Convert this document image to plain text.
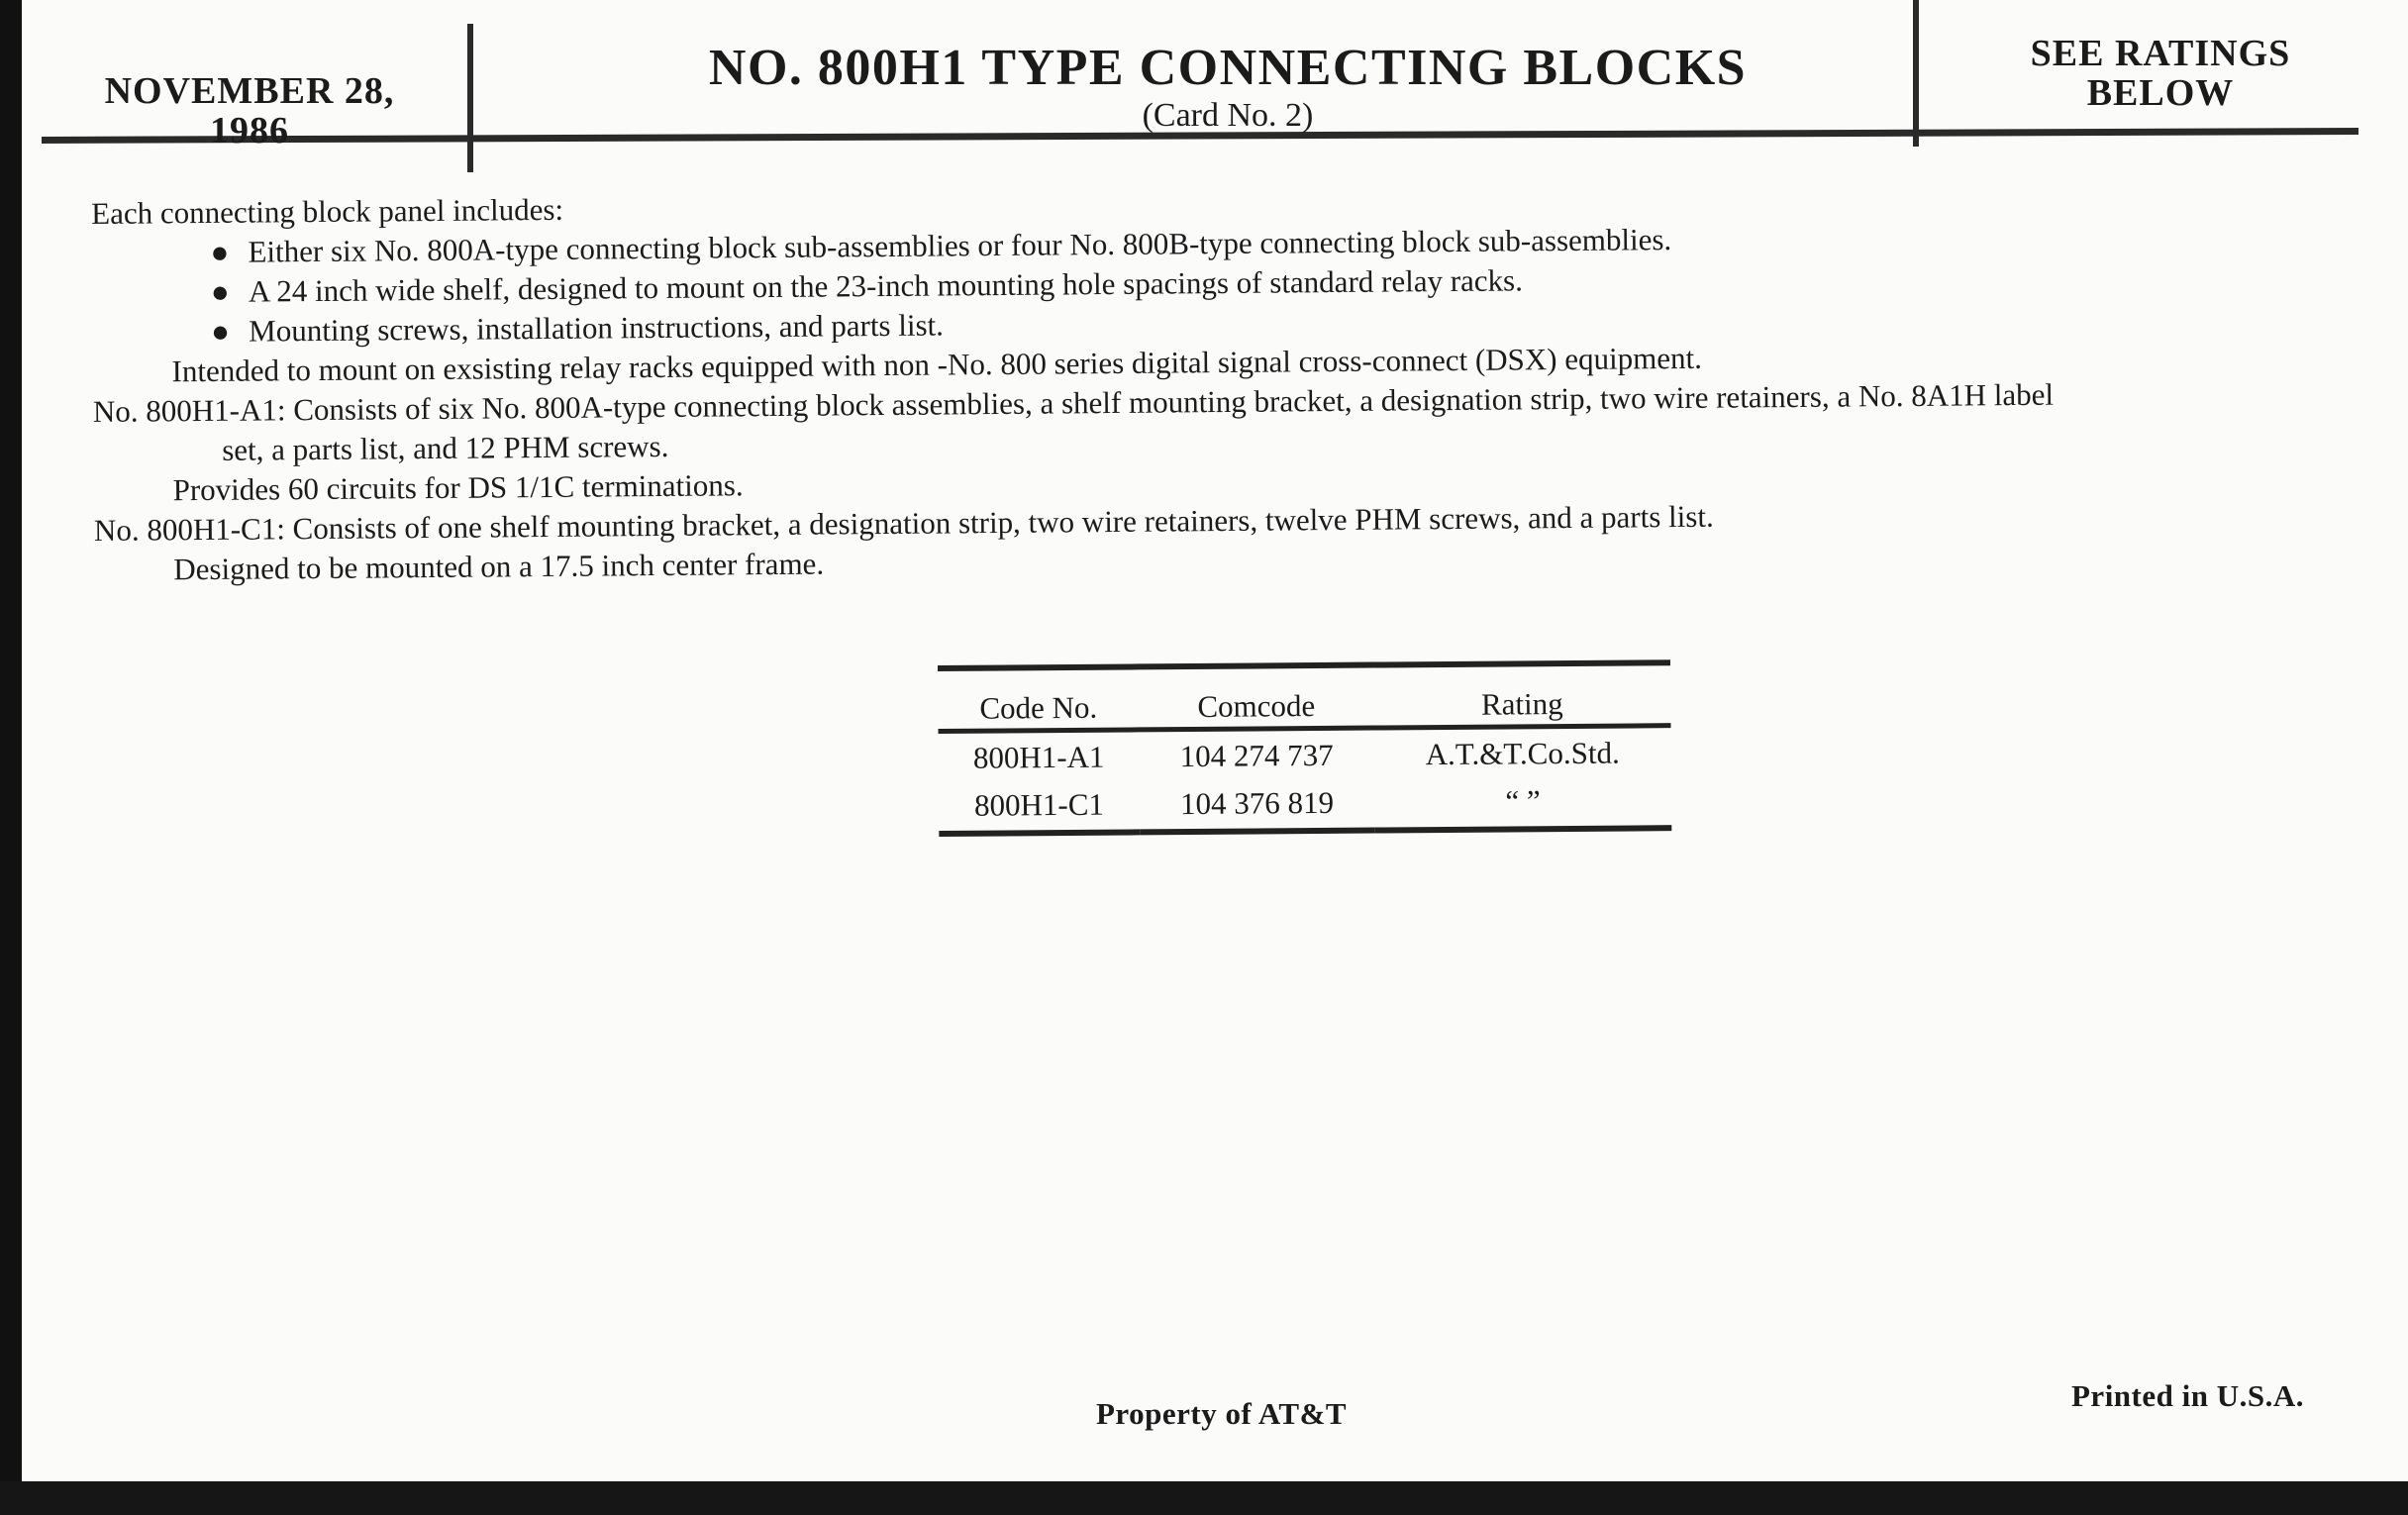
NOVEMBER 28,
1986
NO. 800H1 TYPE CONNECTING BLOCKS
(Card No. 2)
SEE RATINGS
BELOW

Each connecting block panel includes:

● Either six No. 800A-type connecting block sub-assemblies or four No. 800B-type connecting block sub-assemblies.
● A 24 inch wide shelf, designed to mount on the 23-inch mounting hole spacings of standard relay racks.
● Mounting screws, installation instructions, and parts list.

Intended to mount on exsisting relay racks equipped with non -No. 800 series digital signal cross-connect (DSX) equipment.

No. 800H1-A1: Consists of six No. 800A-type connecting block assemblies, a shelf mounting bracket, a designation strip, two wire retainers, a No. 8A1H label

set, a parts list, and 12 PHM screws.

Provides 60 circuits for DS 1/1C terminations.

No. 800H1-C1: Consists of one shelf mounting bracket, a designation strip, two wire retainers, twelve PHM screws, and a parts list.

Designed to be mounted on a 17.5 inch center frame.

Code No.	Comcode	Rating
800H1-A1	104 274 737	A.T.&T.Co.Std.
800H1-C1	104 376 819	“ ”
Property of AT&T
Printed in U.S.A.
